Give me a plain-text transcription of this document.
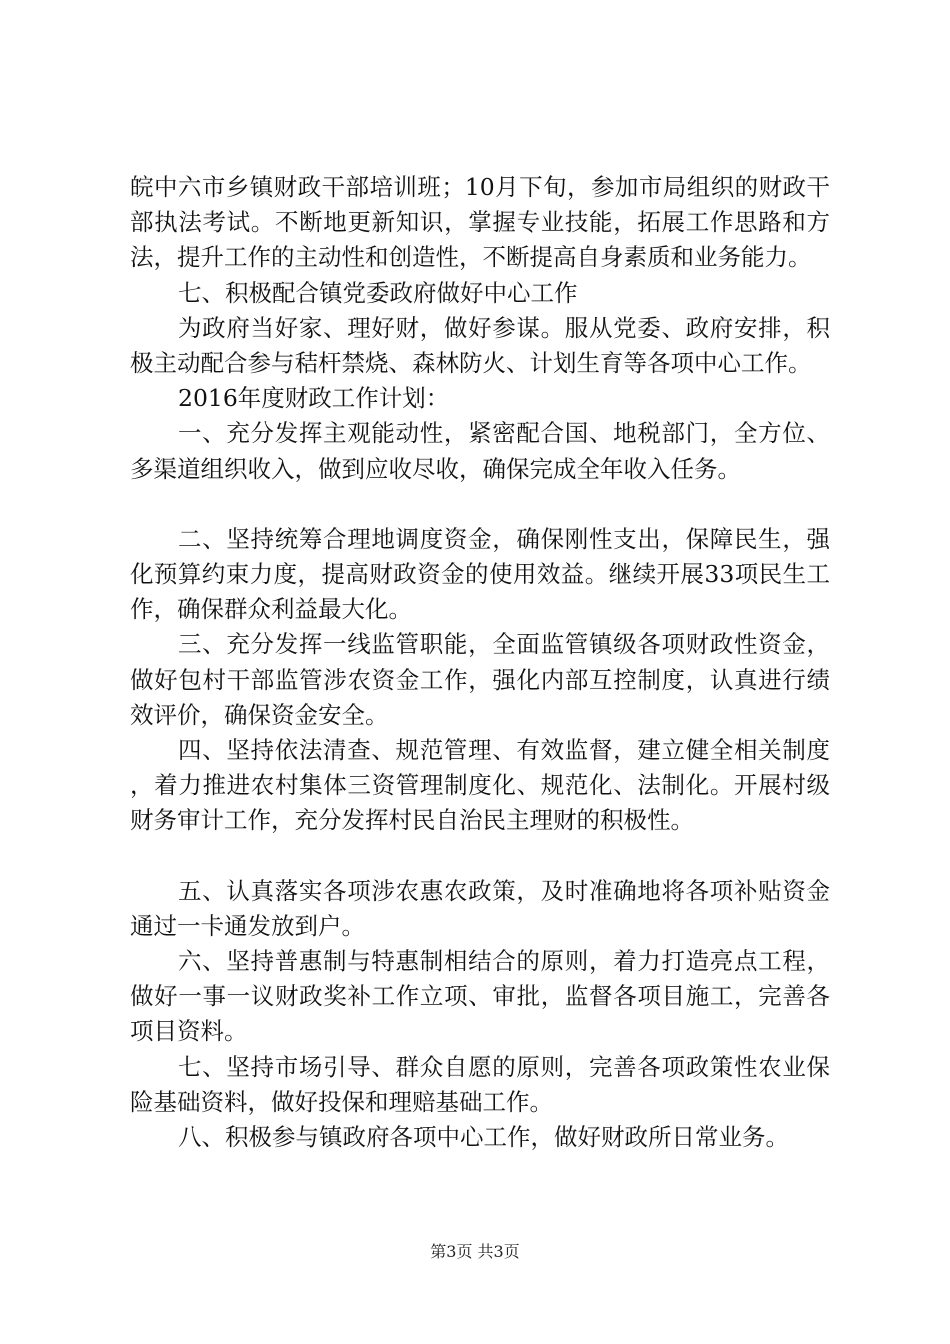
皖中六市乡镇财政干部培训班；10月下旬，参加市局组织的财政干部执法考试。不断地更新知识，掌握专业技能，拓展工作思路和方法，提升工作的主动性和创造性，不断提高自身素质和业务能力。

七、积极配合镇党委政府做好中心工作

为政府当好家、理好财，做好参谋。服从党委、政府安排，积极主动配合参与秸杆禁烧、森林防火、计划生育等各项中心工作。

2016年度财政工作计划：

一、充分发挥主观能动性，紧密配合国、地税部门，全方位、多渠道组织收入，做到应收尽收，确保完成全年收入任务。

二、坚持统筹合理地调度资金，确保刚性支出，保障民生，强化预算约束力度，提高财政资金的使用效益。继续开展33项民生工作，确保群众利益最大化。

三、充分发挥一线监管职能，全面监管镇级各项财政性资金，做好包村干部监管涉农资金工作，强化内部互控制度，认真进行绩效评价，确保资金安全。

四、坚持依法清查、规范管理、有效监督，建立健全相关制度，着力推进农村集体三资管理制度化、规范化、法制化。开展村级财务审计工作，充分发挥村民自治民主理财的积极性。

五、认真落实各项涉农惠农政策，及时准确地将各项补贴资金通过一卡通发放到户。

六、坚持普惠制与特惠制相结合的原则，着力打造亮点工程，做好一事一议财政奖补工作立项、审批，监督各项目施工，完善各项目资料。

七、坚持市场引导、群众自愿的原则，完善各项政策性农业保险基础资料，做好投保和理赔基础工作。

八、积极参与镇政府各项中心工作，做好财政所日常业务。

第3页 共3页
